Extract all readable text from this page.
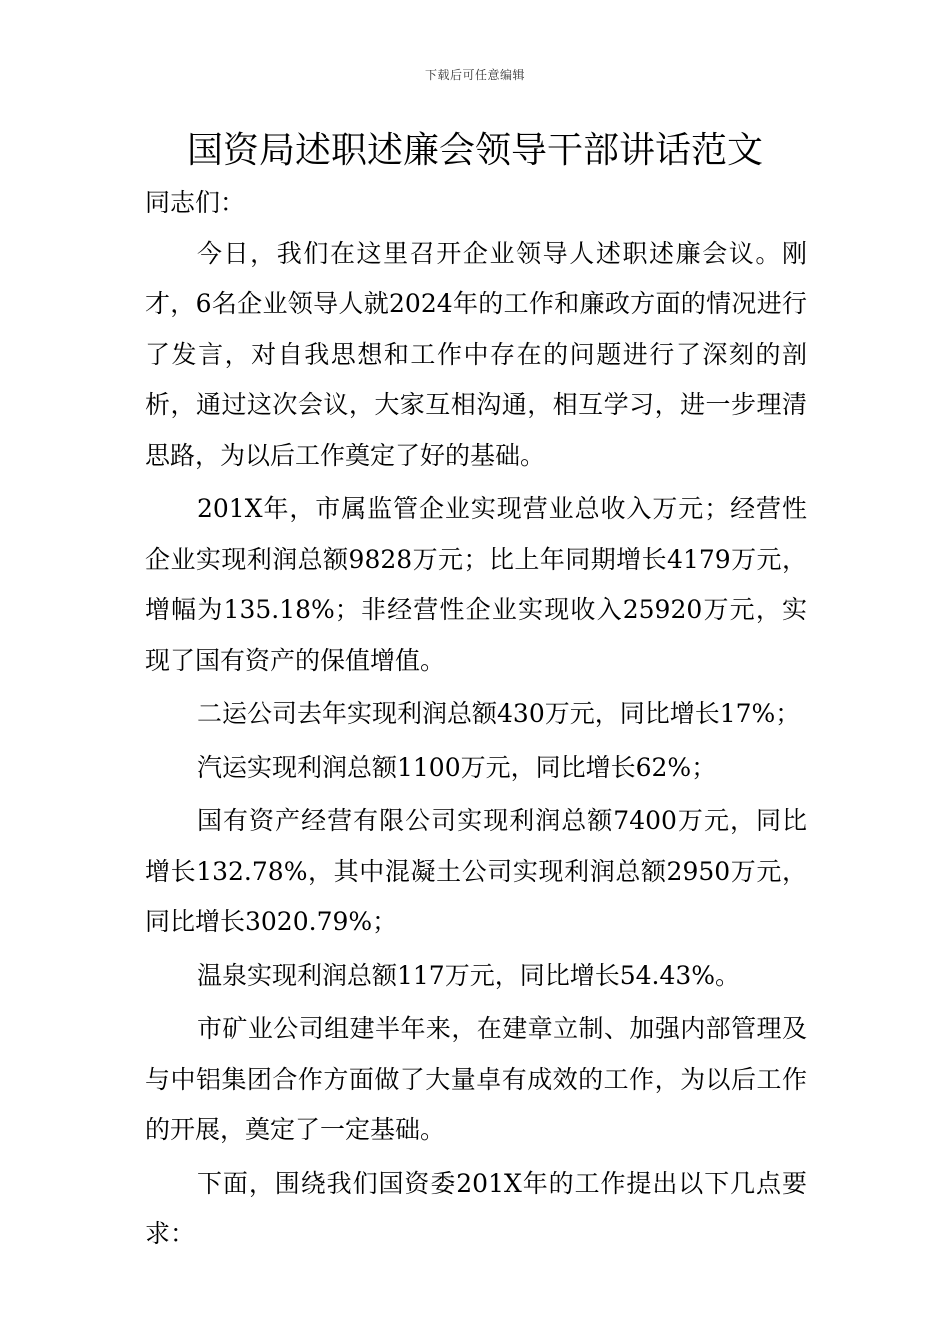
下载后可任意编辑
国资局述职述廉会领导干部讲话范文

同志们：

今日，我们在这里召开企业领导人述职述廉会议。刚才，6名企业领导人就2024年的工作和廉政方面的情况进行了发言，对自我思想和工作中存在的问题进行了深刻的剖析，通过这次会议，大家互相沟通，相互学习，进一步理清思路，为以后工作奠定了好的基础。

201X年，市属监管企业实现营业总收入万元；经营性企业实现利润总额9828万元；比上年同期增长4179万元，增幅为135.18%；非经营性企业实现收入25920万元，实现了国有资产的保值增值。

二运公司去年实现利润总额430万元，同比增长17%；

汽运实现利润总额1100万元，同比增长62%；

国有资产经营有限公司实现利润总额7400万元，同比增长132.78%，其中混凝土公司实现利润总额2950万元，同比增长3020.79%；

温泉实现利润总额117万元，同比增长54.43%。

市矿业公司组建半年来，在建章立制、加强内部管理及与中铝集团合作方面做了大量卓有成效的工作，为以后工作的开展，奠定了一定基础。

下面，围绕我们国资委201X年的工作提出以下几点要求：
